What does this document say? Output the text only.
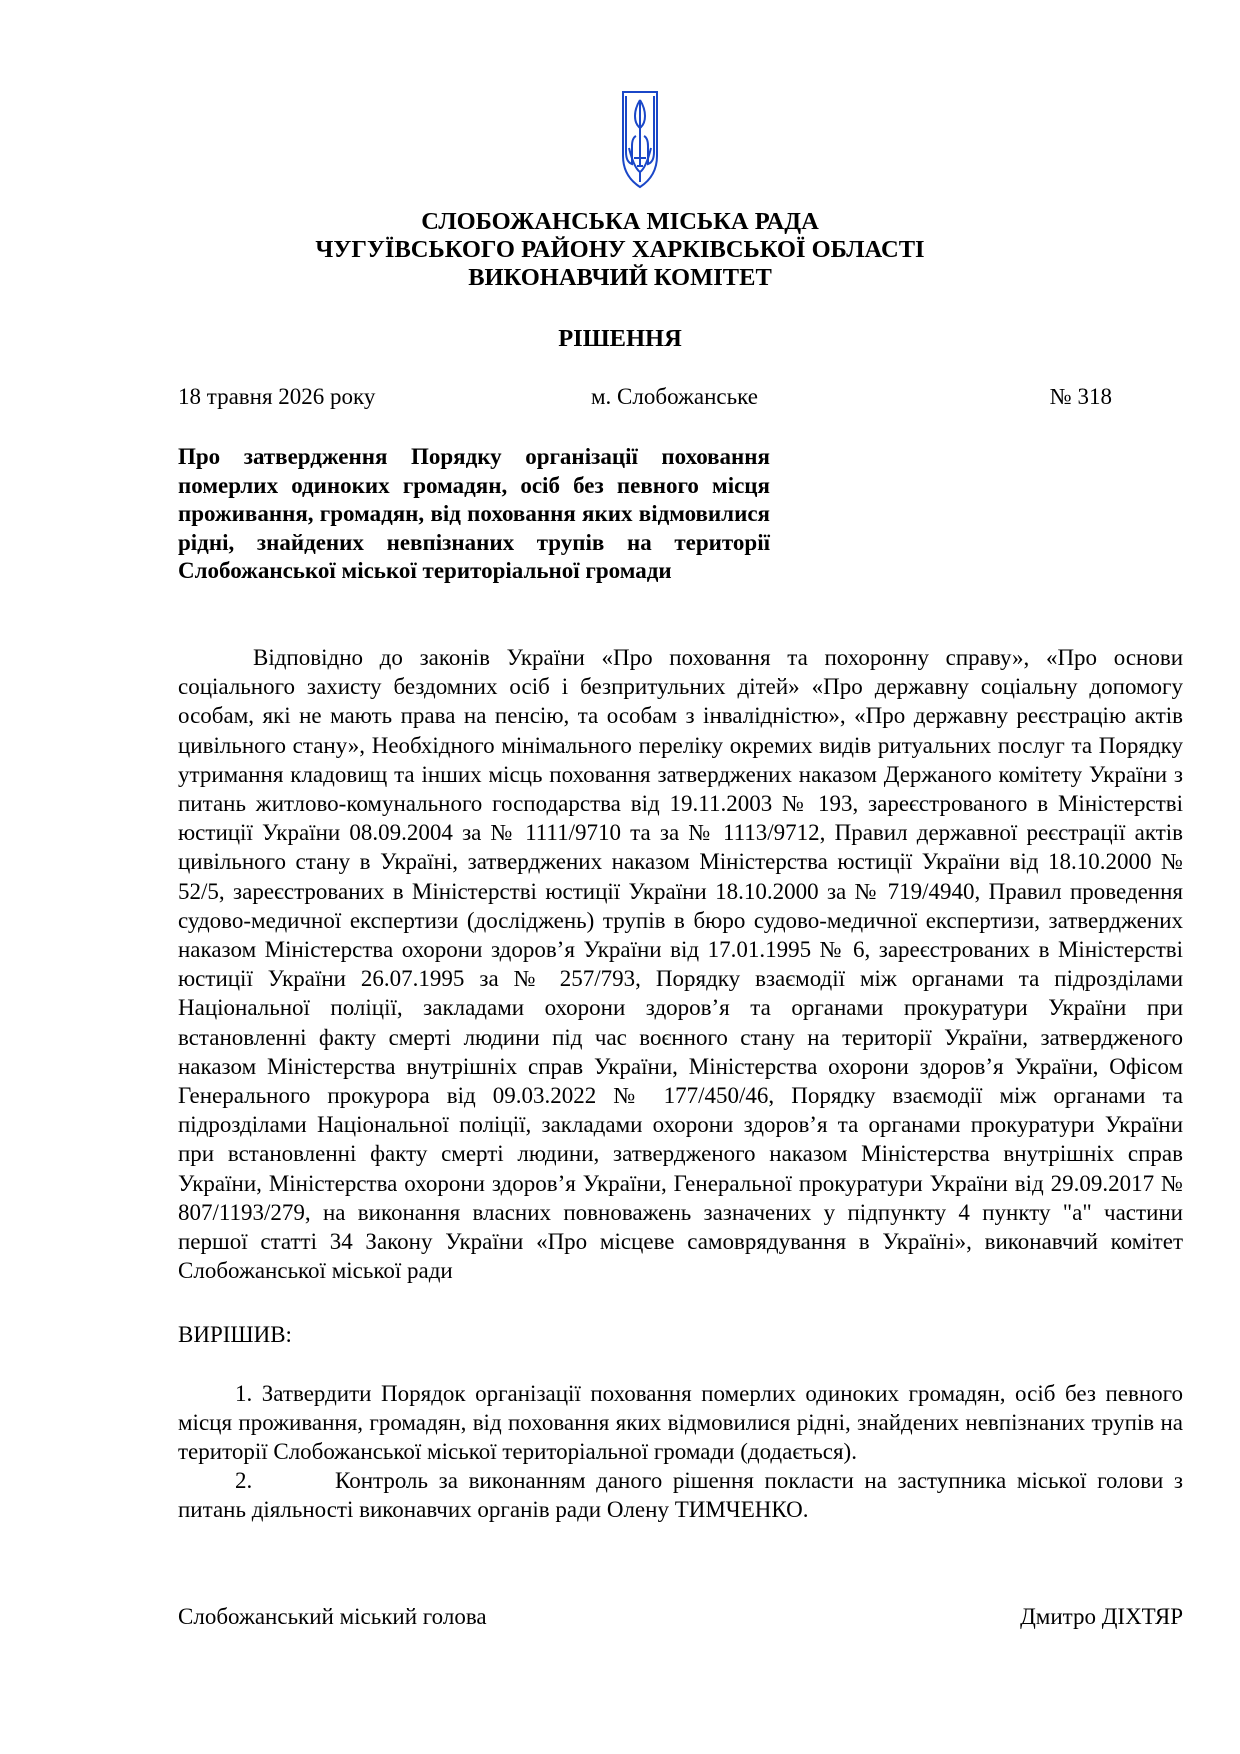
СЛОБОЖАНСЬКА МІСЬКА РАДА
ЧУГУЇВСЬКОГО РАЙОНУ ХАРКІВСЬКОЇ ОБЛАСТІ
ВИКОНАВЧИЙ КОМІТЕТ
РІШЕННЯ
18 травня 2026 року	м. Слобожанське	№ 318
Про затвердження Порядку організації поховання померлих одиноких громадян, осіб без певного місця проживання, громадян, від поховання яких відмовилися рідні, знайдених невпізнаних трупів на території Слобожанської міської територіальної громади
Відповідно до законів України «Про поховання та похоронну справу», «Про основи соціального захисту бездомних осіб і безпритульних дітей» «Про державну соціальну допомогу особам, які не мають права на пенсію, та особам з інвалідністю», «Про державну реєстрацію актів цивільного стану», Необхідного мінімального переліку окремих видів ритуальних послуг та Порядку утримання кладовищ та інших місць поховання затверджених наказом Держаного комітету України з питань житлово-комунального господарства від 19.11.2003 № 193, зареєстрованого в Міністерстві юстиції України 08.09.2004 за № 1111/9710 та за № 1113/9712, Правил державної реєстрації актів цивільного стану в Україні, затверджених наказом Міністерства юстиції України від 18.10.2000 № 52/5, зареєстрованих в Міністерстві юстиції України 18.10.2000 за № 719/4940, Правил проведення судово-медичної експертизи (досліджень) трупів в бюро судово-медичної експертизи, затверджених наказом Міністерства охорони здоров’я України від 17.01.1995 № 6, зареєстрованих в Міністерстві юстиції України 26.07.1995 за № 257/793, Порядку взаємодії між органами та підрозділами Національної поліції, закладами охорони здоров’я та органами прокуратури України при встановленні факту смерті людини під час воєнного стану на території України, затвердженого наказом Міністерства внутрішніх справ України, Міністерства охорони здоров’я України, Офісом Генерального прокурора від 09.03.2022 № 177/450/46, Порядку взаємодії між органами та підрозділами Національної поліції, закладами охорони здоров’я та органами прокуратури України при встановленні факту смерті людини, затвердженого наказом Міністерства внутрішніх справ України, Міністерства охорони здоров’я України, Генеральної прокуратури України від 29.09.2017 № 807/1193/279, на виконання власних повноважень зазначених у підпункту 4 пункту "а" частини першої статті 34 Закону України «Про місцеве самоврядування в Україні», виконавчий комітет Слобожанської міської ради
ВИРІШИВ:
1. Затвердити Порядок організації поховання померлих одиноких громадян, осіб без певного місця проживання, громадян, від поховання яких відмовилися рідні, знайдених невпізнаних трупів на території Слобожанської міської територіальної громади (додається).
2.	Контроль за виконанням даного рішення покласти на заступника міської голови з питань діяльності виконавчих органів ради Олену ТИМЧЕНКО.
Слобожанський міський голова	Дмитро ДІХТЯР
